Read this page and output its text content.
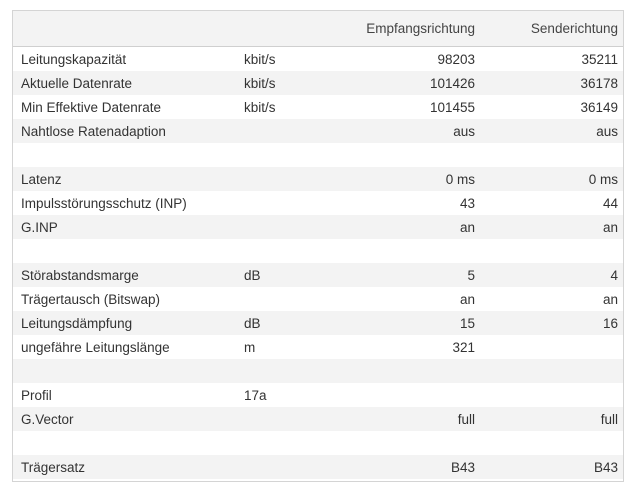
		Empfangsrichtung	Senderichtung
Leitungskapazität	kbit/s	98203	35211
Aktuelle Datenrate	kbit/s	101426	36178
Min Effektive Datenrate	kbit/s	101455	36149
Nahtlose Ratenadaption		aus	aus

Latenz		0 ms	0 ms
Impulsstörungsschutz (INP)		43	44
G.INP		an	an

Störabstandsmarge	dB	5	4
Trägertausch (Bitswap)		an	an
Leitungsdämpfung	dB	15	16
ungefähre Leitungslänge	m	321	

Profil	17a		
G.Vector		full	full

Trägersatz		B43	B43
